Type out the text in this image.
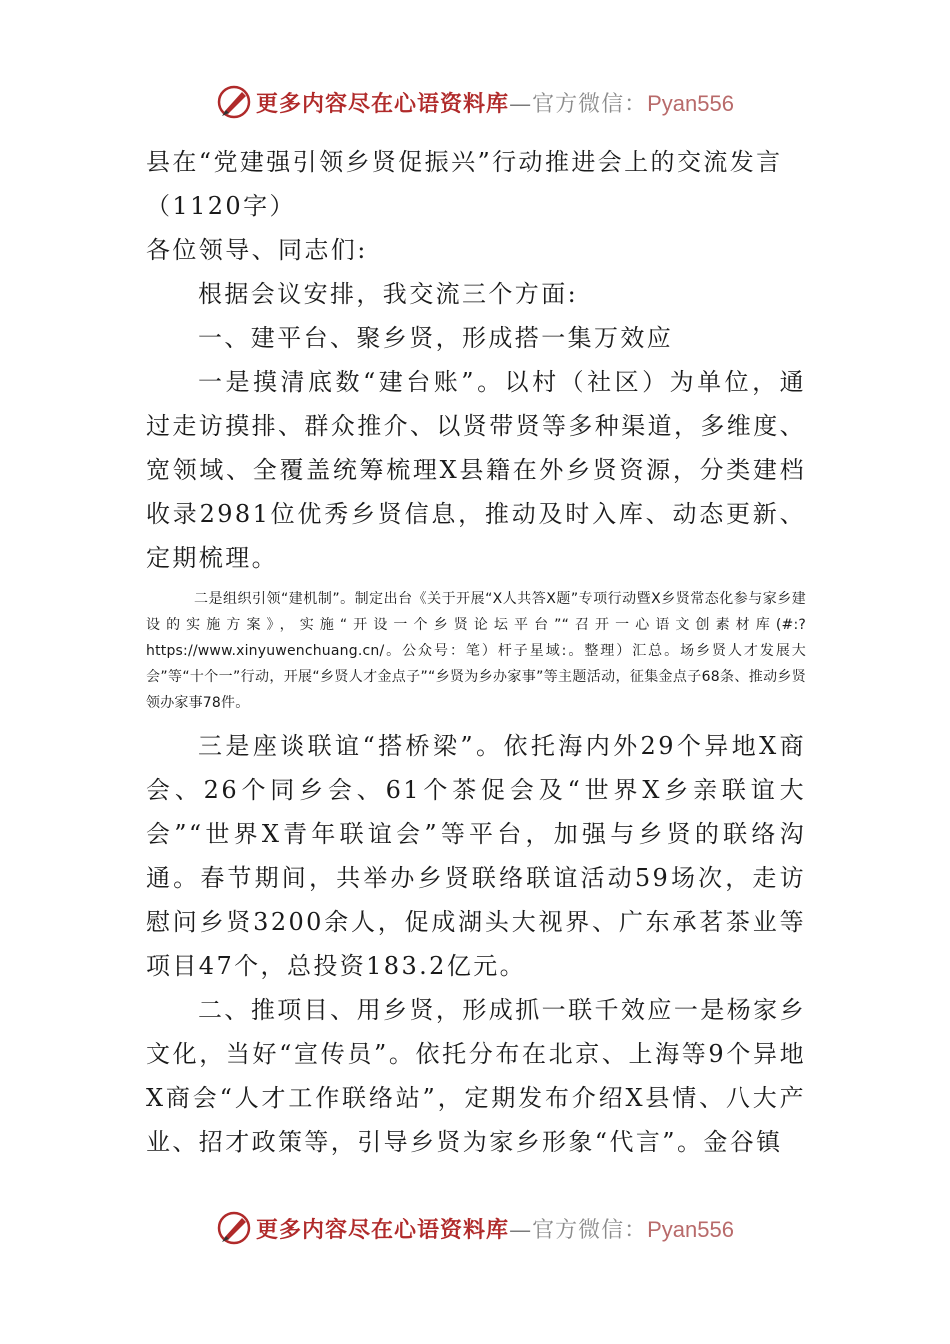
更多内容尽在心语资料库—官方微信：Pyan556

县在“党建强引领乡贤促振兴”行动推进会上的交流发言

（1120字）

各位领导、同志们:

根据会议安排，我交流三个方面:

一、建平台、聚乡贤，形成搭一集万效应

一是摸清底数“建台账”。以村（社区）为单位，通过走访摸排、群众推介、以贤带贤等多种渠道，多维度、宽领域、全覆盖统筹梳理X县籍在外乡贤资源，分类建档收录2981位优秀乡贤信息，推动及时入库、动态更新、定期梳理。

二是组织引领“建机制”。制定出台《关于开展“X人共答X题”专项行动暨X乡贤常态化参与家乡建设的实施方案》，实施“开设一个乡贤论坛平台”“召开一心语文创素材库(#:?https://www.xinyuwenchuang.cn/。公众号：笔）杆子星域:。整理）汇总。场乡贤人才发展大会”等“十个一”行动，开展“乡贤人才金点子”“乡贤为乡办家事”等主题活动，征集金点子68条、推动乡贤领办家事78件。

三是座谈联谊“搭桥梁”。依托海内外29个异地X商会、26个同乡会、61个茶促会及“世界X乡亲联谊大会”“世界X青年联谊会”等平台，加强与乡贤的联络沟通。春节期间，共举办乡贤联络联谊活动59场次，走访慰问乡贤3200余人，促成湖头大视界、广东承茗茶业等项目47个，总投资183.2亿元。

二、推项目、用乡贤，形成抓一联千效应一是杨家乡文化，当好“宣传员”。依托分布在北京、上海等9个异地X商会“人才工作联络站”，定期发布介绍X县情、八大产业、招才政策等，引导乡贤为家乡形象“代言”。金谷镇

更多内容尽在心语资料库—官方微信：Pyan556
